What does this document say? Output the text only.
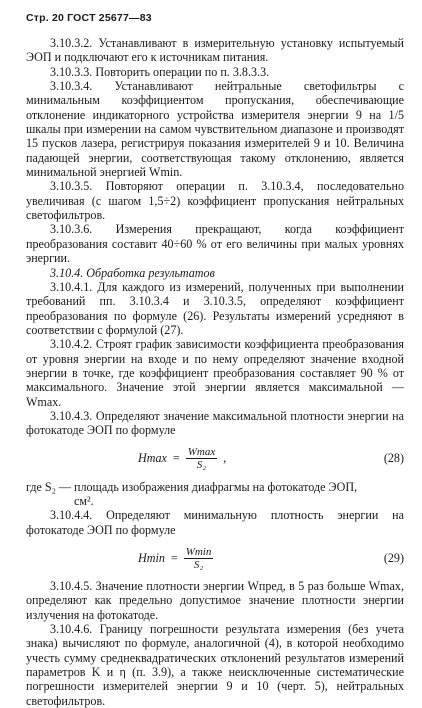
Стр. 20 ГОСТ 25677—83

3.10.3.2. Устанавливают в измерительную установку испытуемый ЭОП и подключают его к источникам питания.

3.10.3.3. Повторить операции по п. 3.8.3.3.

3.10.3.4. Устанавливают нейтральные светофильтры с минимальным коэффициентом пропускания, обеспечивающие отклонение индикаторного устройства измерителя энергии 9 на 1/5 шкалы при измерении на самом чувствительном диапазоне и производят 15 пусков лазера, регистрируя показания измерителей 9 и 10. Величина падающей энергии, соответствующая такому отклонению, является минимальной энергией Wmin.

3.10.3.5. Повторяют операции п. 3.10.3.4, последовательно увеличивая (с шагом 1,5÷2) коэффициент пропускания нейтральных светофильтров.

3.10.3.6. Измерения прекращают, когда коэффициент преобразования составит 40÷60 % от его величины при малых уровнях энергии.

3.10.4. Обработка результатов

3.10.4.1. Для каждого из измерений, полученных при выполнении требований пп. 3.10.3.4 и 3.10.3.5, определяют коэффициент преобразования по формуле (26). Результаты измерений усредняют в соответствии с формулой (27).

3.10.4.2. Строят график зависимости коэффициента преобразования от уровня энергии на входе и по нему определяют значение входной энергии в точке, где коэффициент преобразования составляет 90 % от максимального. Значение этой энергии является максимальной — Wmax.

3.10.4.3. Определяют значение максимальной плотности энергии на фотокатоде ЭОП по формуле

$Hmax = \frac{Wmax}{\text{S₂}}$ ,	(28)

где S₂ — площадь изображения диафрагмы на фотокатоде ЭОП,

см².

3.10.4.4. Определяют минимальную плотность энергии на фотокатоде ЭОП по формуле

$Hmin = \frac{Wmin}{\text{S₂}}$	(29)

3.10.4.5. Значение плотности энергии Wпред, в 5 раз больше Wmax, определяют как предельно допустимое значение плотности энергии излучения на фотокатоде.

3.10.4.6. Границу погрешности результата измерения (без учета знака) вычисляют по формуле, аналогичной (4), в которой необходимо учесть сумму среднеквадратических отклонений результатов измерений параметров K и η (п. 3.9), а также неисключенные систематические погрешности измерителей энергии 9 и 10 (черт. 5), нейтральных светофильтров.
